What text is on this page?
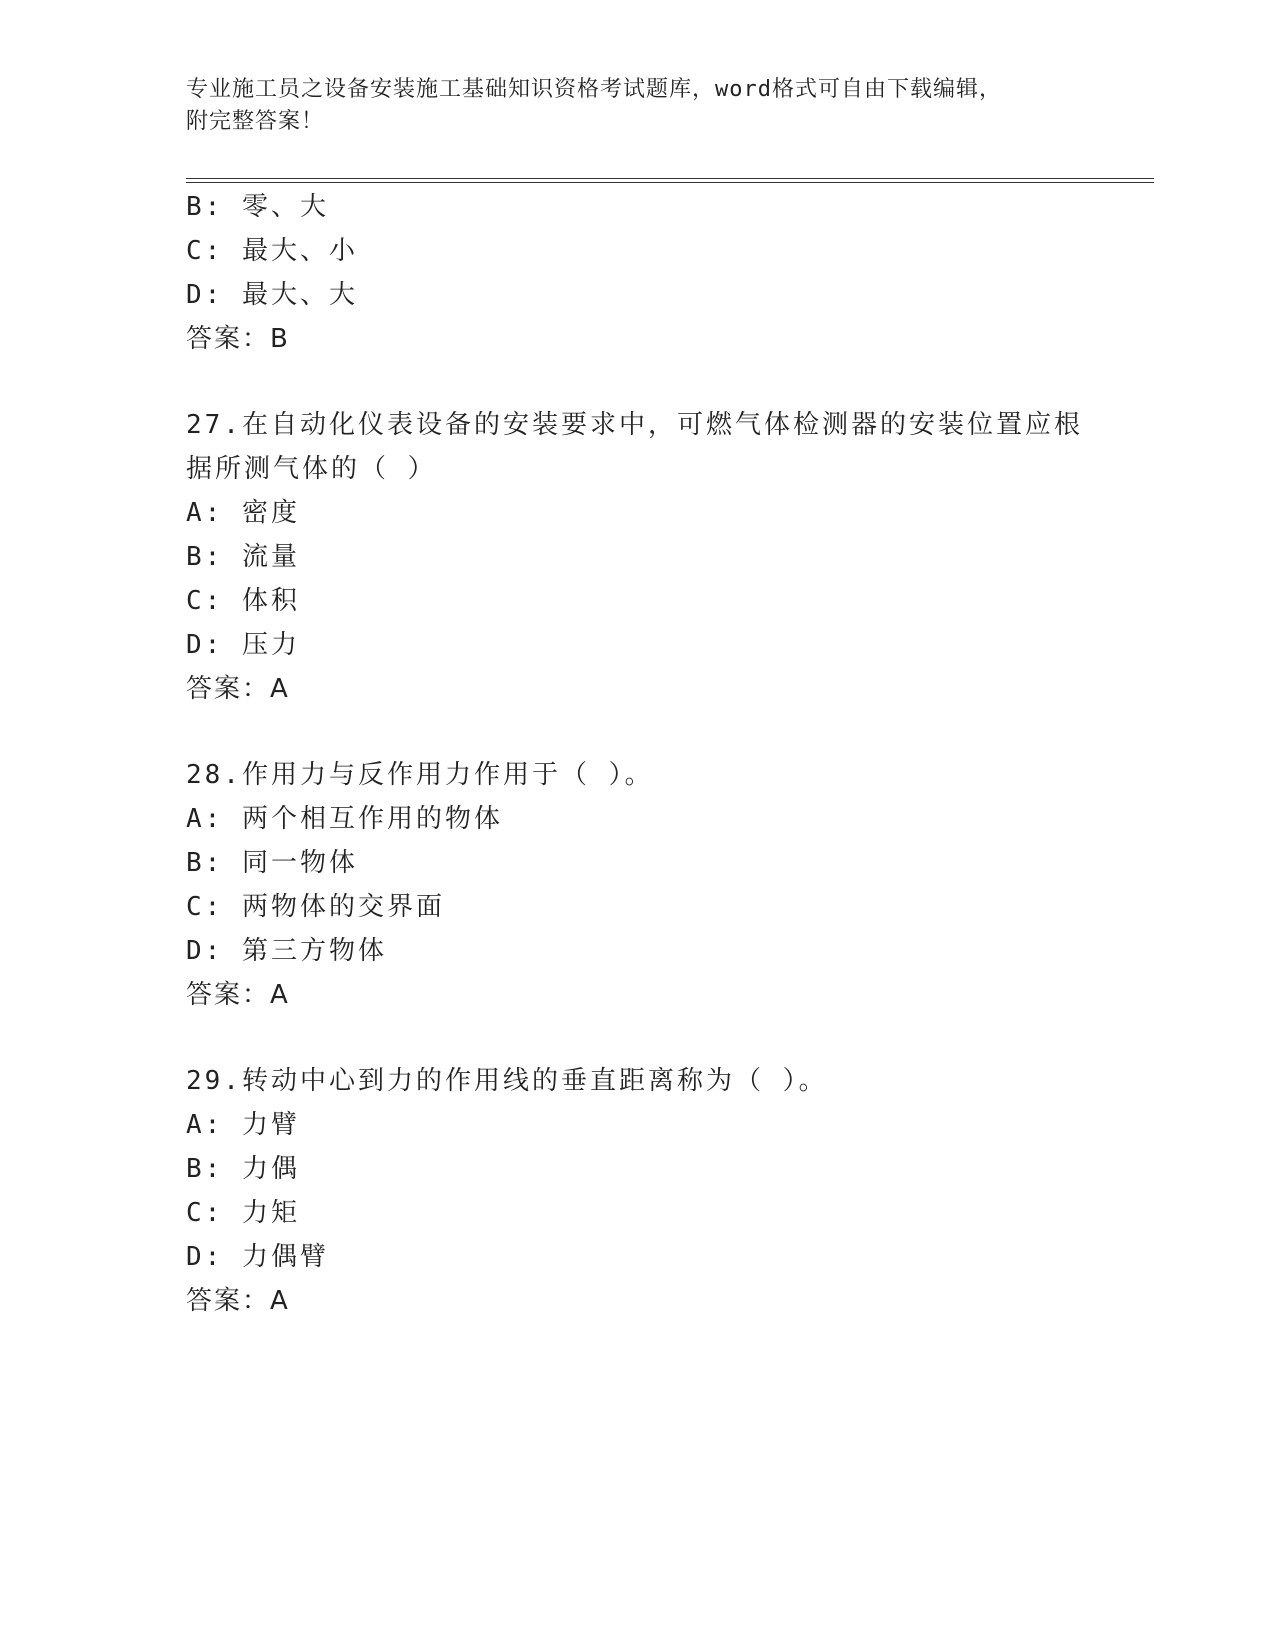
专业施工员之设备安装施工基础知识资格考试题库，word格式可自由下载编辑，
附完整答案！
B: 零、大
C: 最大、小
D: 最大、大
答案：B
27.在自动化仪表设备的安装要求中，可燃气体检测器的安装位置应根
据所测气体的（ ）
A: 密度
B: 流量
C: 体积
D: 压力
答案：A
28.作用力与反作用力作用于（ ）。
A: 两个相互作用的物体
B: 同一物体
C: 两物体的交界面
D: 第三方物体
答案：A
29.转动中心到力的作用线的垂直距离称为（ ）。
A: 力臂
B: 力偶
C: 力矩
D: 力偶臂
答案：A
